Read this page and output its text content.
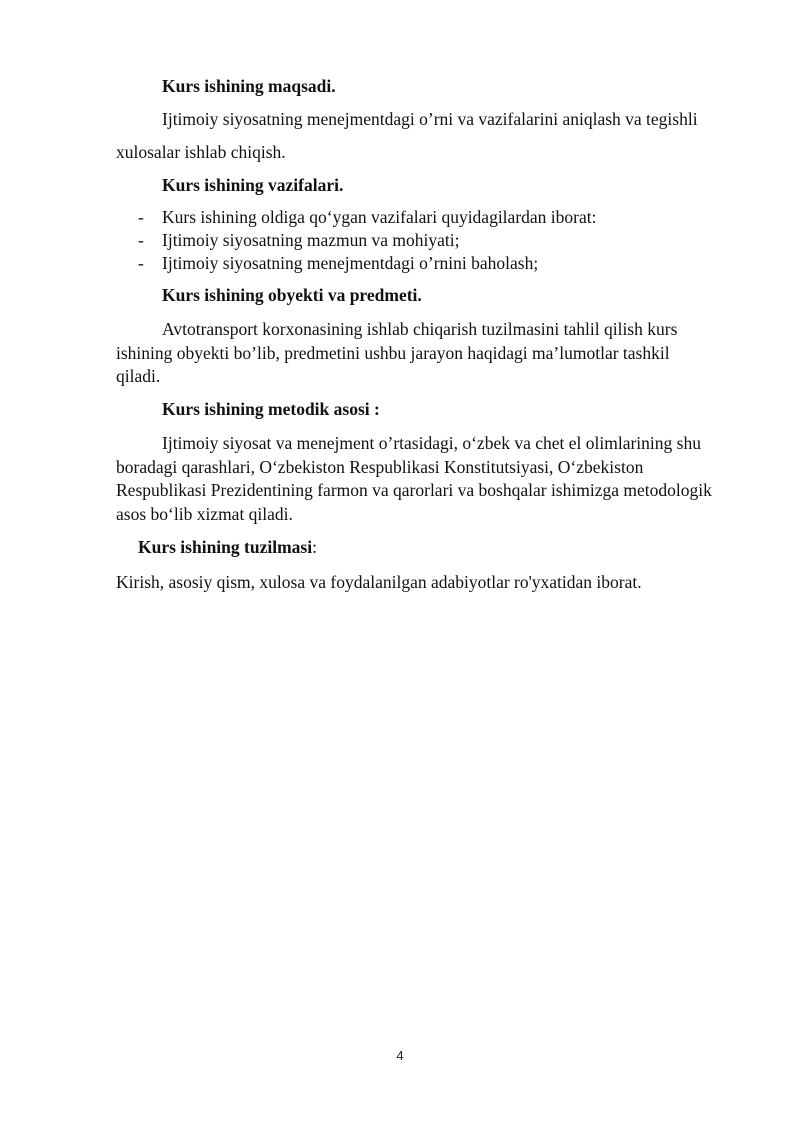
Kurs ishining maqsadi.
Ijtimoiy siyosatning menejmentdagi o’rni va vazifalarini aniqlash va tegishli
xulosalar ishlab chiqish.
Kurs ishining vazifalari.
- Kurs ishining oldiga qo‘ygan vazifalari quyidagilardan iborat:
- Ijtimoiy siyosatning mazmun va mohiyati;
- Ijtimoiy siyosatning menejmentdagi o’rnini baholash;
Kurs ishining obyekti va predmeti.
Avtotransport korxonasining ishlab chiqarish tuzilmasini tahlil qilish kurs ishining obyekti bo’lib, predmetini ushbu jarayon haqidagi ma’lumotlar tashkil qiladi.
Kurs ishining metodik asosi :
Ijtimoiy siyosat va menejment o’rtasidagi, o‘zbek va chet el olimlarining shu boradagi qarashlari, O‘zbekiston Respublikasi Konstitutsiyasi, O‘zbekiston Respublikasi Prezidentining farmon va qarorlari va boshqalar ishimizga metodologik asos bo‘lib xizmat qiladi.
Kurs ishining tuzilmasi:
Kirish, asosiy qism, xulosa va foydalanilgan adabiyotlar ro'yxatidan iborat.
4
